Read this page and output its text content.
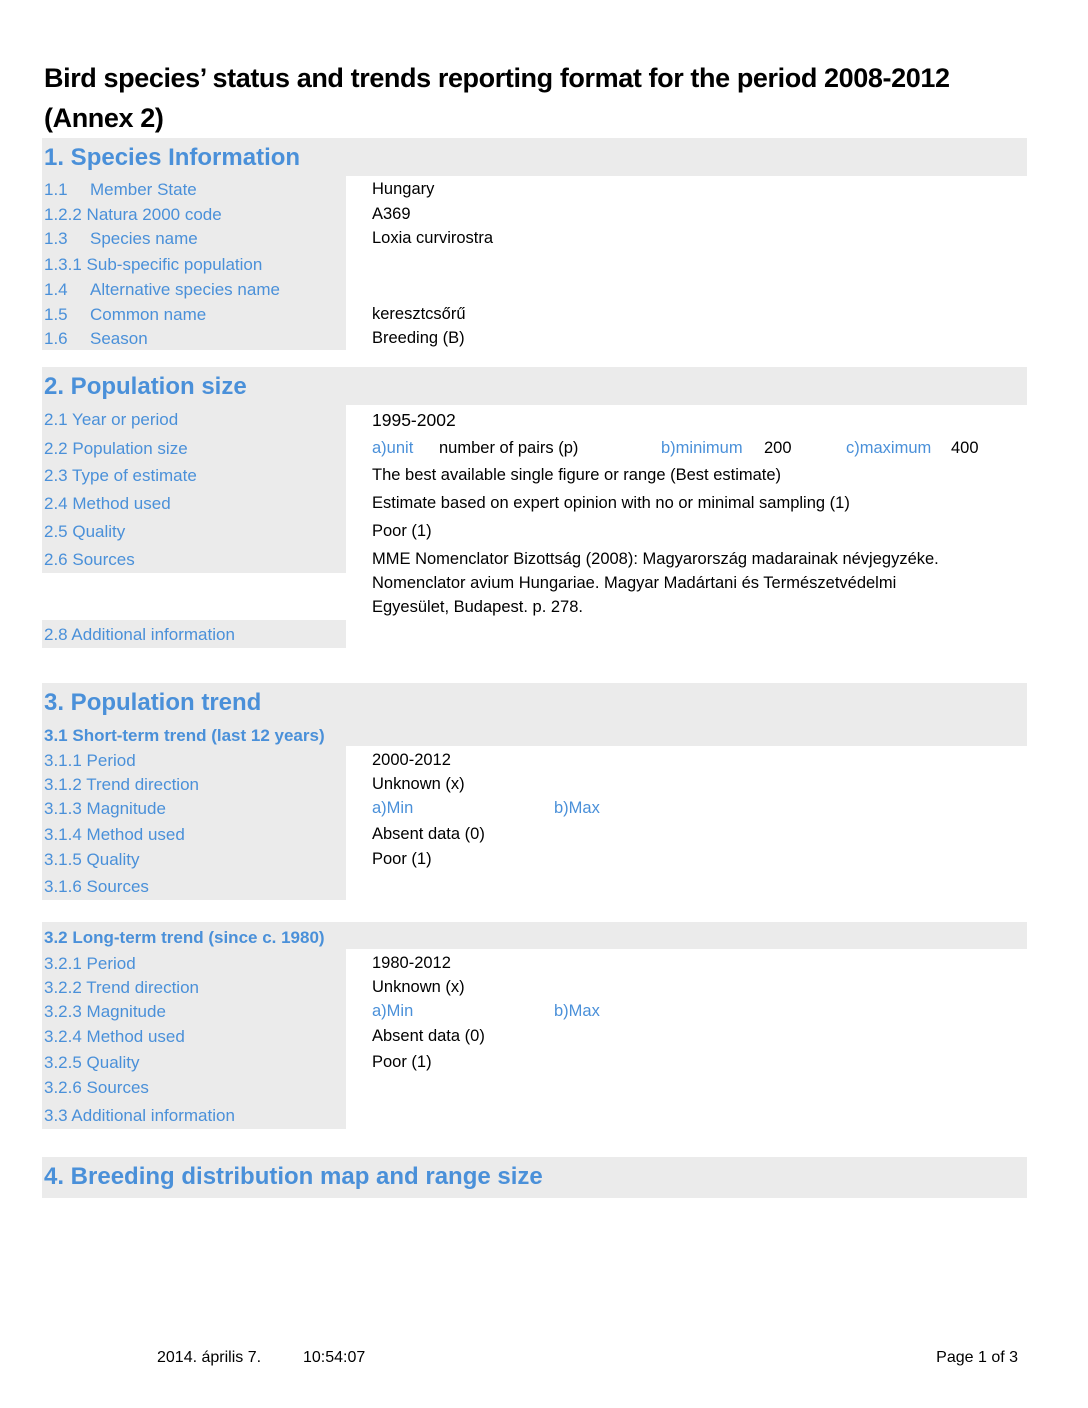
Bird species’ status and trends reporting format for the period 2008-2012
(Annex 2)
1. Species Information
1.1 Member State	Hungary
1.2.2 Natura 2000 code	A369
1.3 Species name	Loxia curvirostra
1.3.1 Sub-specific population
1.4 Alternative species name
1.5 Common name	keresztcsőrű
1.6 Season	Breeding (B)
2. Population size
2.1 Year or period	1995-2002
2.2 Population size	a)unit number of pairs (p)	b)minimum 200	c)maximum 400
2.3 Type of estimate	The best available single figure or range (Best estimate)
2.4 Method used	Estimate based on expert opinion with no or minimal sampling (1)
2.5 Quality	Poor (1)
2.6 Sources	MME Nomenclator Bizottság (2008): Magyarország madarainak névjegyzéke.
Nomenclator avium Hungariae. Magyar Madártani és Természetvédelmi
Egyesület, Budapest. p. 278.
2.8 Additional information
3. Population trend
3.1 Short-term trend (last 12 years)
3.1.1 Period	2000-2012
3.1.2 Trend direction	Unknown (x)
3.1.3 Magnitude	a)Min	b)Max
3.1.4 Method used	Absent data (0)
3.1.5 Quality	Poor (1)
3.1.6 Sources
3.2 Long-term trend (since c. 1980)
3.2.1 Period	1980-2012
3.2.2 Trend direction	Unknown (x)
3.2.3 Magnitude	a)Min	b)Max
3.2.4 Method used	Absent data (0)
3.2.5 Quality	Poor (1)
3.2.6 Sources
3.3 Additional information
4. Breeding distribution map and range size
2014. április 7.	10:54:07	Page 1 of 3
